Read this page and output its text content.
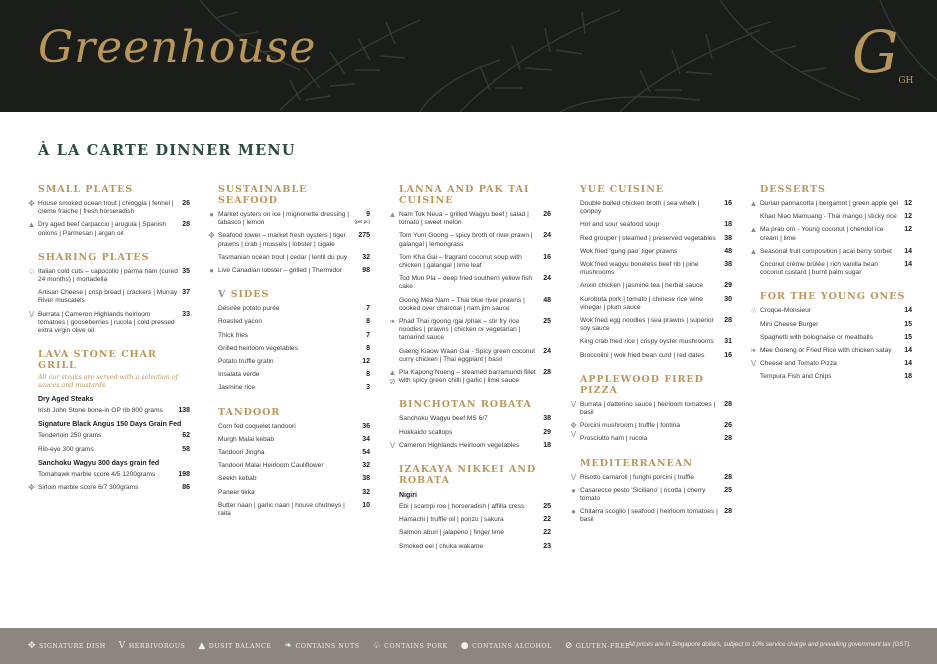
Greenhouse	GGH
À LA CARTE DINNER MENU
SMALL PLATES
✥ House smoked ocean trout | chioggia | fennel | creme fraiche | fresh horseradish
26
▲ Dry aged beef carpaccio | arugula | Spanish onions | Parmesan | argan oil
28
SHARING PLATES
♧ Italian cold cuts – capocollo | parma ham (cured 24 months) | mortadella
35
Artisan Cheese | crisp bread | crackers | Murray River muscatels
37
V Burrata | Cameron Highlands heirloom tomatoes | gooseberries | rucola | cold pressed extra virgin olive oil
33
LAVA STONE CHAR GRILL
All our steaks are served with a selection of sauces and mustards
Dry Aged Steaks
Irish John Stone bone-in OP rib 800 grams 138
Signature Black Angus 150 Days Grain Fed
Tenderloin 250 grams	62
Rib-eye 300 grams	58
Sanchoku Wagyu 300 days grain fed
Tomahawk marble score 4/5 1200grams	198
✥ Sirloin marble score 6/7 300grams	86
SUSTAINABLE SEAFOOD
● Market oysters on ice | mignonette dressing | tabasco | lemon
9
(per pc)
✥ Seafood tower – market fresh oysters | tiger prawns | crab | mussels | lobster | cigale
275
Tasmanian ocean trout | cedar | lentil du puy 32
● Live Canadian lobster – grilled | Thermidor	98
V SIDES
Désirée potato purée	7
Roasted yacon	8
Thick fries	7
Grilled heirloom vegetables	8
Potato truffle gratin	12
Insalata verde	8
Jasmine rice	3
TANDOOR
Corn fed coquelet tandoori	36
Murgh Malai kebab	34
Tandoori Jingha	54
Tandoori Malai Heirloom Cauliflower	32
Seekh kebab	38
Paneer tikka	32
Butter naan | garlic naan | house chutneys | raita
10
LANNA AND PAK TAI CUISINE
▲ Nam Tok Neua – grilled Wagyu beef | salad | tomato | sweet melon
26
Tom Yum Goong – spicy broth of river prawn | galangal | lemongrass
24
Tom Kha Gai – fragrant coconut soup with chicken | galangal | lime leaf
16
Tod Mun Pla – deep fried southern yellow fish cake
24
Goong Mea Nam – Thai blue river prawns | cooked over charcoal | nam jim sauce
48
❧ Phad Thai /goong /gai /phak – stir fry rice noodles | prawns | chicken or vegetarian | tamarind sauce
25
Gaeng Kiaow Waan Gai - Spicy green coconut curry chicken | Thai eggplant | basil
24
▲
⊘
Pla Kapong Nueng – steamed barramundi fillet with spicy green chilli | garlic | lime sauce
28
BINCHOTAN ROBATA
Sanchoku Wagyu beef MS 6/7	38
Hokkaido scallops	29
V Cameron Highlands Heirloom vegetables	18
IZAKAYA NIKKEI AND ROBATA
Nigiri
Ebi | scampi roe | horseradish | affilla cress	25
Hamachi | truffle oil | ponzu | sakura	22
Salmon aburi | jalapeno | finger lime	22
Smoked eel | chuka wakame	23
YUE CUISINE
Double boiled chicken broth | sea whelk | conpoy
16
Hot and sour seafood soup	18
Red grouper | steamed | preserved vegetables 38
Wok fried 'gung pao' tiger prawns	48
Wok fried wagyu boneless beef rib | pine mushrooms
38
Anxin chicken | jasmine tea | herbal sauce	29
Kurobuta pork | tomato | chinese rice wine vinegar | plum sauce
30
Wok fried egg noodles | sea prawns | superior soy sauce
28
King crab fried rice | crispy oyster mushrooms 31
Broccolini | wok fried bean curd | red dates	16
APPLEWOOD FIRED PIZZA
V Burrata | datterino sauce | heirloom tomatoes | basil
28
✥
V
Porcini mushroom | truffle | fontina	26
Prosciutto ham | rucola	28
MEDITERRANEAN
V Risotto carnaroli | funghi porcini | truffle	28
● Casarecce pesto 'Siciliano' | ricotta | cherry tomato
25
● Chitarra scoglio | seafood | heirloom tomatoes | basil
28
DESSERTS
▲ Durian pannacotta | bergamot | green apple gel 12
Khao Niao Mamuang - Thai mango | sticky rice 12
▲ Ma prao orn - Young coconut | chendol ice cream | lime
12
▲ Seasonal fruit composition | acai berry sorbet 14
Coconut crème brûlée | rich vanilla bean coconut custard | burnt palm sugar
14
FOR THE YOUNG ONES
♧ Croque-Monsieur	14
Mini Cheese Burger	15
Spaghetti with bolognaise or meatballs	15
❧ Mee Goreng or Fried Rice with chicken satay 14
V Cheese and Tomato Pizza	14
Tempura Fish and Chips	18
✥ SIGNATURE DISH V HERBIVOROUS ▲ DUSIT BALANCE ❧ CONTAINS NUTS ♧ CONTAINS PORK ● CONTAINS ALCOHOL ⊘ GLUTEN-FREE
All prices are in Singapore dollars, subject to 10% service charge and prevailing government tax (GST).
